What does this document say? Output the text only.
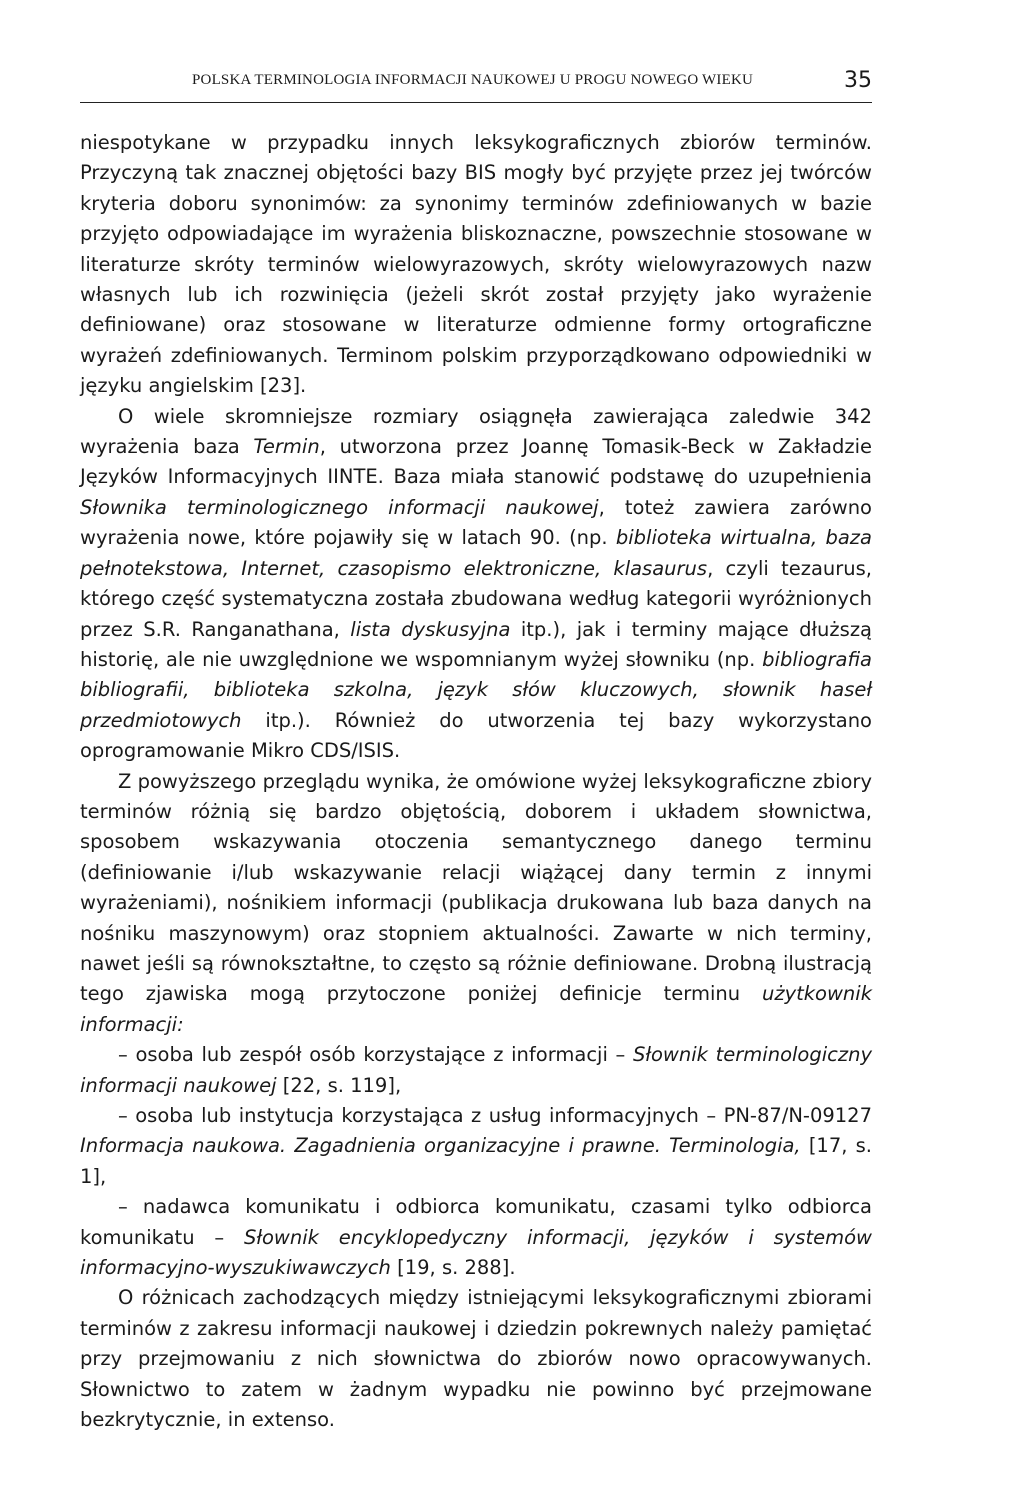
POLSKA TERMINOLOGIA INFORMACJI NAUKOWEJ U PROGU NOWEGO WIEKU	35

niespotykane w przypadku innych leksykograficznych zbiorów terminów. Przyczyną tak znacznej objętości bazy BIS mogły być przyjęte przez jej twórców kryteria doboru synonimów: za synonimy terminów zdefiniowanych w bazie przyjęto odpowiadające im wyrażenia bliskoznaczne, powszechnie stosowane w literaturze skróty terminów wielowyrazowych, skróty wielowyrazowych nazw własnych lub ich rozwinięcia (jeżeli skrót został przyjęty jako wyrażenie definiowane) oraz stosowane w literaturze odmienne formy ortograficzne wyrażeń zdefiniowanych. Terminom polskim przyporządkowano odpowiedniki w języku angielskim [23].

O wiele skromniejsze rozmiary osiągnęła zawierająca zaledwie 342 wyrażenia baza Termin, utworzona przez Joannę Tomasik-Beck w Zakładzie Języków Informacyjnych IINTE. Baza miała stanowić podstawę do uzupełnienia Słownika terminologicznego informacji naukowej, toteż zawiera zarówno wyrażenia nowe, które pojawiły się w latach 90. (np. biblioteka wirtualna, baza pełnotekstowa, Internet, czasopismo elektroniczne, klasaurus, czyli tezaurus, którego część systematyczna została zbudowana według kategorii wyróżnionych przez S.R. Ranganathana, lista dyskusyjna itp.), jak i terminy mające dłuższą historię, ale nie uwzględnione we wspomnianym wyżej słowniku (np. bibliografia bibliografii, biblioteka szkolna, język słów kluczowych, słownik haseł przedmiotowych itp.). Również do utworzenia tej bazy wykorzystano oprogramowanie Mikro CDS/ISIS.

Z powyższego przeglądu wynika, że omówione wyżej leksykograficzne zbiory terminów różnią się bardzo objętością, doborem i układem słownictwa, sposobem wskazywania otoczenia semantycznego danego terminu (definiowanie i/lub wskazywanie relacji wiążącej dany termin z innymi wyrażeniami), nośnikiem informacji (publikacja drukowana lub baza danych na nośniku maszynowym) oraz stopniem aktualności. Zawarte w nich terminy, nawet jeśli są równokształtne, to często są różnie definiowane. Drobną ilustracją tego zjawiska mogą przytoczone poniżej definicje terminu użytkownik informacji:

– osoba lub zespół osób korzystające z informacji – Słownik terminologiczny informacji naukowej [22, s. 119],

– osoba lub instytucja korzystająca z usług informacyjnych – PN-87/N-09127 Informacja naukowa. Zagadnienia organizacyjne i prawne. Terminologia, [17, s. 1],

– nadawca komunikatu i odbiorca komunikatu, czasami tylko odbiorca komunikatu – Słownik encyklopedyczny informacji, języków i systemów informacyjno-wyszukiwawczych [19, s. 288].

O różnicach zachodzących między istniejącymi leksykograficznymi zbiorami terminów z zakresu informacji naukowej i dziedzin pokrewnych należy pamiętać przy przejmowaniu z nich słownictwa do zbiorów nowo opracowywanych. Słownictwo to zatem w żadnym wypadku nie powinno być przejmowane bezkrytycznie, in extenso.
